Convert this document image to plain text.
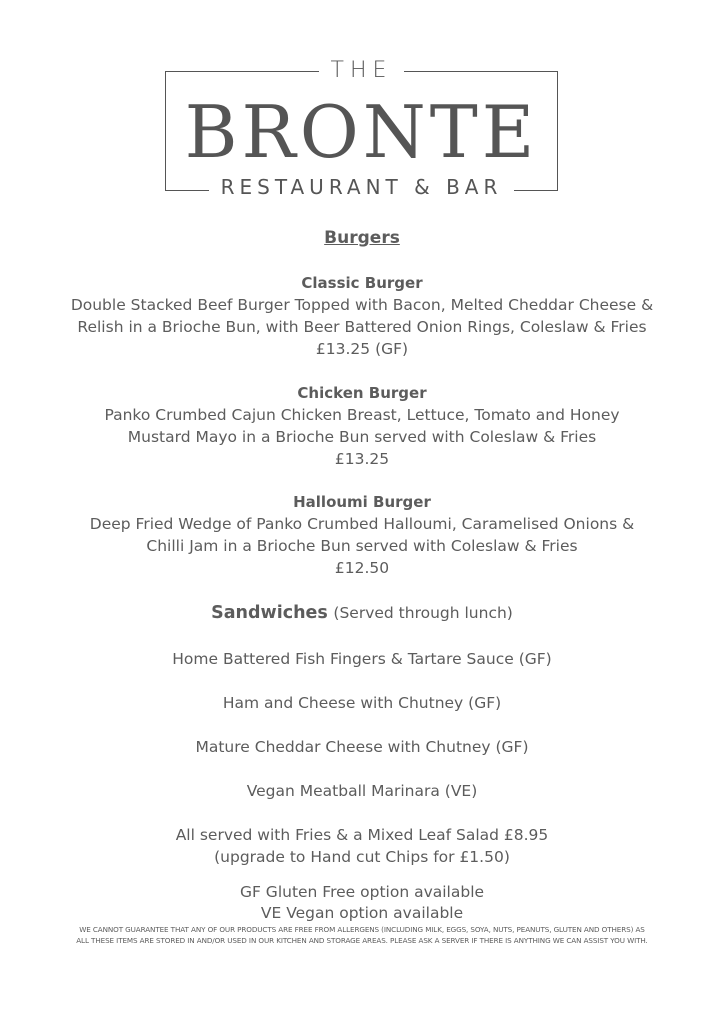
THE
BRONTE
RESTAURANT & BAR
Burgers
Classic Burger
Double Stacked Beef Burger Topped with Bacon, Melted Cheddar Cheese &
Relish in a Brioche Bun, with Beer Battered Onion Rings, Coleslaw & Fries
£13.25 (GF)
Chicken Burger
Panko Crumbed Cajun Chicken Breast, Lettuce, Tomato and Honey
Mustard Mayo in a Brioche Bun served with Coleslaw & Fries
£13.25
Halloumi Burger
Deep Fried Wedge of Panko Crumbed Halloumi, Caramelised Onions &
Chilli Jam in a Brioche Bun served with Coleslaw & Fries
£12.50
Sandwiches (Served through lunch)
Home Battered Fish Fingers & Tartare Sauce (GF)
Ham and Cheese with Chutney (GF)
Mature Cheddar Cheese with Chutney (GF)
Vegan Meatball Marinara (VE)
All served with Fries & a Mixed Leaf Salad £8.95
(upgrade to Hand cut Chips for £1.50)
GF Gluten Free option available
VE Vegan option available
WE CANNOT GUARANTEE THAT ANY OF OUR PRODUCTS ARE FREE FROM ALLERGENS (INCLUDING MILK, EGGS, SOYA, NUTS, PEANUTS, GLUTEN AND OTHERS) AS
ALL THESE ITEMS ARE STORED IN AND/OR USED IN OUR KITCHEN AND STORAGE AREAS. PLEASE ASK A SERVER IF THERE IS ANYTHING WE CAN ASSIST YOU WITH.
